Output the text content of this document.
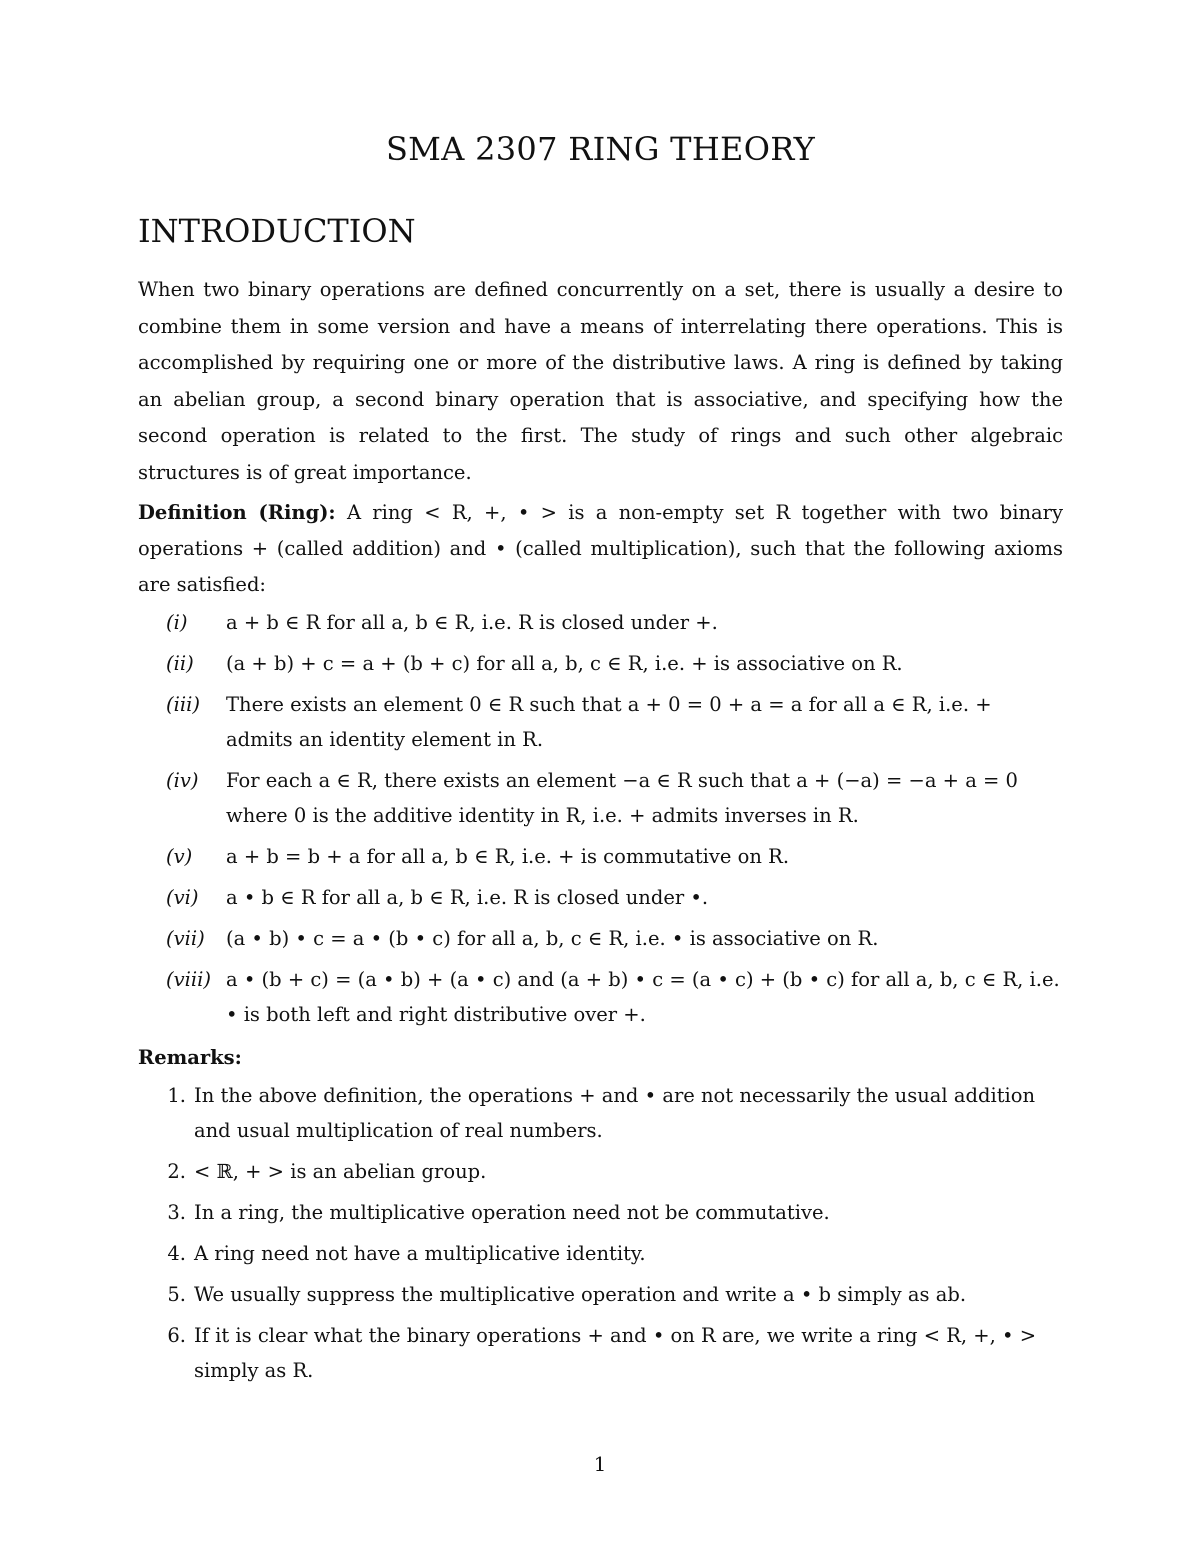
SMA 2307 RING THEORY
INTRODUCTION

When two binary operations are defined concurrently on a set, there is usually a desire to combine them in some version and have a means of interrelating there operations. This is accomplished by requiring one or more of the distributive laws. A ring is defined by taking an abelian group, a second binary operation that is associative, and specifying how the second operation is related to the first. The study of rings and such other algebraic structures is of great importance.

Definition (Ring): A ring < R, +, • > is a non-empty set R together with two binary operations + (called addition) and • (called multiplication), such that the following axioms are satisfied:

(i)	a + b ∈ R for all a, b ∈ R, i.e. R is closed under +.
(ii)	(a + b) + c = a + (b + c) for all a, b, c ∈ R, i.e. + is associative on R.
(iii)	There exists an element 0 ∈ R such that a + 0 = 0 + a = a for all a ∈ R, i.e. + admits an identity element in R.
(iv)	For each a ∈ R, there exists an element −a ∈ R such that a + (−a) = −a + a = 0 where 0 is the additive identity in R, i.e. + admits inverses in R.
(v)	a + b = b + a for all a, b ∈ R, i.e. + is commutative on R.
(vi)	a • b ∈ R for all a, b ∈ R, i.e. R is closed under •.
(vii)	(a • b) • c = a • (b • c) for all a, b, c ∈ R, i.e. • is associative on R.
(viii) a • (b + c) = (a • b) + (a • c) and (a + b) • c = (a • c) + (b • c) for all a, b, c ∈ R, i.e. • is both left and right distributive over +.
Remarks:
1. In the above definition, the operations + and • are not necessarily the usual addition and usual multiplication of real numbers.
2. < ℝ, + > is an abelian group.
3. In a ring, the multiplicative operation need not be commutative.
4. A ring need not have a multiplicative identity.
5. We usually suppress the multiplicative operation and write a • b simply as ab.
6. If it is clear what the binary operations + and • on R are, we write a ring < R, +, • > simply as R.
1
